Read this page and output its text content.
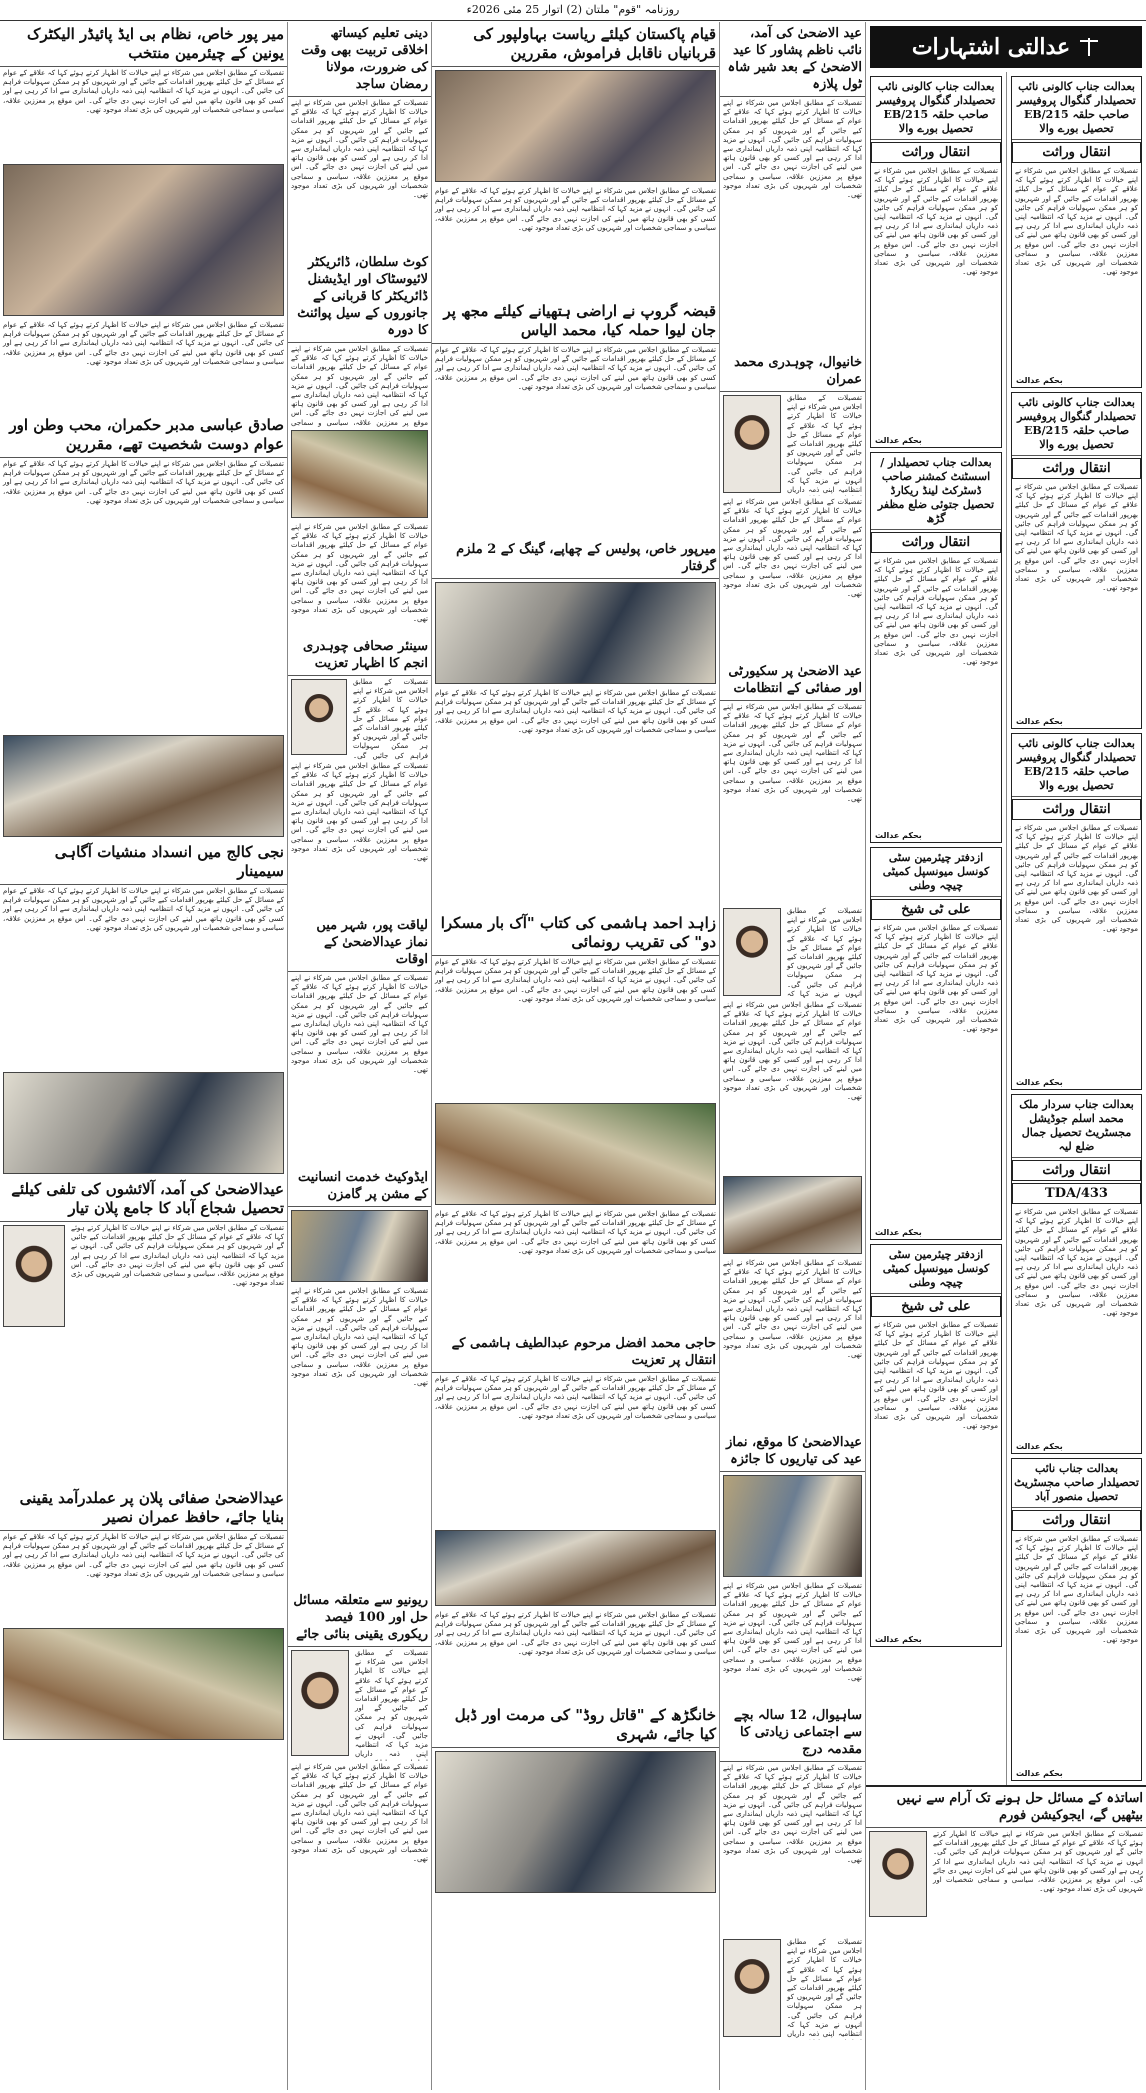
روزنامہ "قوم" ملتان (2) اتوار 25 مئی 2026ء
عدالتی اشتہارات
بعدالت جناب کالونی نائب تحصیلدار گنگوال پروفیسر صاحب حلقہ 215/EB تحصیل بورے والا
انتقال وراثت
تفصیلات کے مطابق اجلاس میں شرکاء نے اپنے خیالات کا اظہار کرتے ہوئے کہا کہ علاقے کے عوام کے مسائل کے حل کیلئے بھرپور اقدامات کیے جائیں گے اور شہریوں کو ہر ممکن سہولیات فراہم کی جائیں گی۔ انہوں نے مزید کہا کہ انتظامیہ اپنی ذمہ داریاں ایمانداری سے ادا کر رہی ہے اور کسی کو بھی قانون ہاتھ میں لینے کی اجازت نہیں دی جائے گی۔ اس موقع پر معززین علاقہ، سیاسی و سماجی شخصیات اور شہریوں کی بڑی تعداد موجود تھی۔
بحکم عدالت
بعدالت جناب کالونی نائب تحصیلدار گنگوال پروفیسر صاحب حلقہ 215/EB تحصیل بورے والا
انتقال وراثت
تفصیلات کے مطابق اجلاس میں شرکاء نے اپنے خیالات کا اظہار کرتے ہوئے کہا کہ علاقے کے عوام کے مسائل کے حل کیلئے بھرپور اقدامات کیے جائیں گے اور شہریوں کو ہر ممکن سہولیات فراہم کی جائیں گی۔ انہوں نے مزید کہا کہ انتظامیہ اپنی ذمہ داریاں ایمانداری سے ادا کر رہی ہے اور کسی کو بھی قانون ہاتھ میں لینے کی اجازت نہیں دی جائے گی۔ اس موقع پر معززین علاقہ، سیاسی و سماجی شخصیات اور شہریوں کی بڑی تعداد موجود تھی۔
بحکم عدالت
بعدالت جناب کالونی نائب تحصیلدار گنگوال پروفیسر صاحب حلقہ 215/EB تحصیل بورے والا
انتقال وراثت
تفصیلات کے مطابق اجلاس میں شرکاء نے اپنے خیالات کا اظہار کرتے ہوئے کہا کہ علاقے کے عوام کے مسائل کے حل کیلئے بھرپور اقدامات کیے جائیں گے اور شہریوں کو ہر ممکن سہولیات فراہم کی جائیں گی۔ انہوں نے مزید کہا کہ انتظامیہ اپنی ذمہ داریاں ایمانداری سے ادا کر رہی ہے اور کسی کو بھی قانون ہاتھ میں لینے کی اجازت نہیں دی جائے گی۔ اس موقع پر معززین علاقہ، سیاسی و سماجی شخصیات اور شہریوں کی بڑی تعداد موجود تھی۔
بحکم عدالت
بعدالت جناب سردار ملک محمد اسلم جوڈیشل مجسٹریٹ تحصیل جمال ضلع لیہ
انتقال وراثت
TDA/433
تفصیلات کے مطابق اجلاس میں شرکاء نے اپنے خیالات کا اظہار کرتے ہوئے کہا کہ علاقے کے عوام کے مسائل کے حل کیلئے بھرپور اقدامات کیے جائیں گے اور شہریوں کو ہر ممکن سہولیات فراہم کی جائیں گی۔ انہوں نے مزید کہا کہ انتظامیہ اپنی ذمہ داریاں ایمانداری سے ادا کر رہی ہے اور کسی کو بھی قانون ہاتھ میں لینے کی اجازت نہیں دی جائے گی۔ اس موقع پر معززین علاقہ، سیاسی و سماجی شخصیات اور شہریوں کی بڑی تعداد موجود تھی۔
بحکم عدالت
بعدالت جناب نائب تحصیلدار صاحب مجسٹریٹ تحصیل منصور آباد
انتقال وراثت
تفصیلات کے مطابق اجلاس میں شرکاء نے اپنے خیالات کا اظہار کرتے ہوئے کہا کہ علاقے کے عوام کے مسائل کے حل کیلئے بھرپور اقدامات کیے جائیں گے اور شہریوں کو ہر ممکن سہولیات فراہم کی جائیں گی۔ انہوں نے مزید کہا کہ انتظامیہ اپنی ذمہ داریاں ایمانداری سے ادا کر رہی ہے اور کسی کو بھی قانون ہاتھ میں لینے کی اجازت نہیں دی جائے گی۔ اس موقع پر معززین علاقہ، سیاسی و سماجی شخصیات اور شہریوں کی بڑی تعداد موجود تھی۔
بحکم عدالت
بعدالت جناب کالونی نائب تحصیلدار گنگوال پروفیسر صاحب حلقہ 215/EB تحصیل بورے والا
انتقال وراثت
تفصیلات کے مطابق اجلاس میں شرکاء نے اپنے خیالات کا اظہار کرتے ہوئے کہا کہ علاقے کے عوام کے مسائل کے حل کیلئے بھرپور اقدامات کیے جائیں گے اور شہریوں کو ہر ممکن سہولیات فراہم کی جائیں گی۔ انہوں نے مزید کہا کہ انتظامیہ اپنی ذمہ داریاں ایمانداری سے ادا کر رہی ہے اور کسی کو بھی قانون ہاتھ میں لینے کی اجازت نہیں دی جائے گی۔ اس موقع پر معززین علاقہ، سیاسی و سماجی شخصیات اور شہریوں کی بڑی تعداد موجود تھی۔
بحکم عدالت
بعدالت جناب تحصیلدار / اسسٹنٹ کمشنر صاحب ڈسٹرکٹ لینڈ ریکارڈ تحصیل جتوئی ضلع مظفر گڑھ
انتقال وراثت
تفصیلات کے مطابق اجلاس میں شرکاء نے اپنے خیالات کا اظہار کرتے ہوئے کہا کہ علاقے کے عوام کے مسائل کے حل کیلئے بھرپور اقدامات کیے جائیں گے اور شہریوں کو ہر ممکن سہولیات فراہم کی جائیں گی۔ انہوں نے مزید کہا کہ انتظامیہ اپنی ذمہ داریاں ایمانداری سے ادا کر رہی ہے اور کسی کو بھی قانون ہاتھ میں لینے کی اجازت نہیں دی جائے گی۔ اس موقع پر معززین علاقہ، سیاسی و سماجی شخصیات اور شہریوں کی بڑی تعداد موجود تھی۔
بحکم عدالت
ازدفتر چیئرمین سٹی کونسل میونسپل کمیٹی چیچہ وطنی
علی ٹی شیخ
تفصیلات کے مطابق اجلاس میں شرکاء نے اپنے خیالات کا اظہار کرتے ہوئے کہا کہ علاقے کے عوام کے مسائل کے حل کیلئے بھرپور اقدامات کیے جائیں گے اور شہریوں کو ہر ممکن سہولیات فراہم کی جائیں گی۔ انہوں نے مزید کہا کہ انتظامیہ اپنی ذمہ داریاں ایمانداری سے ادا کر رہی ہے اور کسی کو بھی قانون ہاتھ میں لینے کی اجازت نہیں دی جائے گی۔ اس موقع پر معززین علاقہ، سیاسی و سماجی شخصیات اور شہریوں کی بڑی تعداد موجود تھی۔
بحکم عدالت
ازدفتر چیئرمین سٹی کونسل میونسپل کمیٹی چیچہ وطنی
علی ٹی شیخ
تفصیلات کے مطابق اجلاس میں شرکاء نے اپنے خیالات کا اظہار کرتے ہوئے کہا کہ علاقے کے عوام کے مسائل کے حل کیلئے بھرپور اقدامات کیے جائیں گے اور شہریوں کو ہر ممکن سہولیات فراہم کی جائیں گی۔ انہوں نے مزید کہا کہ انتظامیہ اپنی ذمہ داریاں ایمانداری سے ادا کر رہی ہے اور کسی کو بھی قانون ہاتھ میں لینے کی اجازت نہیں دی جائے گی۔ اس موقع پر معززین علاقہ، سیاسی و سماجی شخصیات اور شہریوں کی بڑی تعداد موجود تھی۔
بحکم عدالت
اساتذہ کے مسائل حل ہونے تک آرام سے نہیں بیٹھیں گے، ایجوکیشن فورم
تفصیلات کے مطابق اجلاس میں شرکاء نے اپنے خیالات کا اظہار کرتے ہوئے کہا کہ علاقے کے عوام کے مسائل کے حل کیلئے بھرپور اقدامات کیے جائیں گے اور شہریوں کو ہر ممکن سہولیات فراہم کی جائیں گی۔ انہوں نے مزید کہا کہ انتظامیہ اپنی ذمہ داریاں ایمانداری سے ادا کر رہی ہے اور کسی کو بھی قانون ہاتھ میں لینے کی اجازت نہیں دی جائے گی۔ اس موقع پر معززین علاقہ، سیاسی و سماجی شخصیات اور شہریوں کی بڑی تعداد موجود تھی۔
عید الاضحیٰ کی آمد، نائب ناظم پشاور کا عید الاضحیٰ کے بعد شیر شاہ ٹول پلازہ
تفصیلات کے مطابق اجلاس میں شرکاء نے اپنے خیالات کا اظہار کرتے ہوئے کہا کہ علاقے کے عوام کے مسائل کے حل کیلئے بھرپور اقدامات کیے جائیں گے اور شہریوں کو ہر ممکن سہولیات فراہم کی جائیں گی۔ انہوں نے مزید کہا کہ انتظامیہ اپنی ذمہ داریاں ایمانداری سے ادا کر رہی ہے اور کسی کو بھی قانون ہاتھ میں لینے کی اجازت نہیں دی جائے گی۔ اس موقع پر معززین علاقہ، سیاسی و سماجی شخصیات اور شہریوں کی بڑی تعداد موجود تھی۔
خانیوال، چوہدری محمد عمران
تفصیلات کے مطابق اجلاس میں شرکاء نے اپنے خیالات کا اظہار کرتے ہوئے کہا کہ علاقے کے عوام کے مسائل کے حل کیلئے بھرپور اقدامات کیے جائیں گے اور شہریوں کو ہر ممکن سہولیات فراہم کی جائیں گی۔ انہوں نے مزید کہا کہ انتظامیہ اپنی ذمہ داریاں
تفصیلات کے مطابق اجلاس میں شرکاء نے اپنے خیالات کا اظہار کرتے ہوئے کہا کہ علاقے کے عوام کے مسائل کے حل کیلئے بھرپور اقدامات کیے جائیں گے اور شہریوں کو ہر ممکن سہولیات فراہم کی جائیں گی۔ انہوں نے مزید کہا کہ انتظامیہ اپنی ذمہ داریاں ایمانداری سے ادا کر رہی ہے اور کسی کو بھی قانون ہاتھ میں لینے کی اجازت نہیں دی جائے گی۔ اس موقع پر معززین علاقہ، سیاسی و سماجی شخصیات اور شہریوں کی بڑی تعداد موجود تھی۔
عید الاضحیٰ پر سکیورٹی اور صفائی کے انتظامات
تفصیلات کے مطابق اجلاس میں شرکاء نے اپنے خیالات کا اظہار کرتے ہوئے کہا کہ علاقے کے عوام کے مسائل کے حل کیلئے بھرپور اقدامات کیے جائیں گے اور شہریوں کو ہر ممکن سہولیات فراہم کی جائیں گی۔ انہوں نے مزید کہا کہ انتظامیہ اپنی ذمہ داریاں ایمانداری سے ادا کر رہی ہے اور کسی کو بھی قانون ہاتھ میں لینے کی اجازت نہیں دی جائے گی۔ اس موقع پر معززین علاقہ، سیاسی و سماجی شخصیات اور شہریوں کی بڑی تعداد موجود تھی۔
تفصیلات کے مطابق اجلاس میں شرکاء نے اپنے خیالات کا اظہار کرتے ہوئے کہا کہ علاقے کے عوام کے مسائل کے حل کیلئے بھرپور اقدامات کیے جائیں گے اور شہریوں کو ہر ممکن سہولیات فراہم کی جائیں گی۔ انہوں نے مزید کہا کہ
تفصیلات کے مطابق اجلاس میں شرکاء نے اپنے خیالات کا اظہار کرتے ہوئے کہا کہ علاقے کے عوام کے مسائل کے حل کیلئے بھرپور اقدامات کیے جائیں گے اور شہریوں کو ہر ممکن سہولیات فراہم کی جائیں گی۔ انہوں نے مزید کہا کہ انتظامیہ اپنی ذمہ داریاں ایمانداری سے ادا کر رہی ہے اور کسی کو بھی قانون ہاتھ میں لینے کی اجازت نہیں دی جائے گی۔ اس موقع پر معززین علاقہ، سیاسی و سماجی شخصیات اور شہریوں کی بڑی تعداد موجود تھی۔
تفصیلات کے مطابق اجلاس میں شرکاء نے اپنے خیالات کا اظہار کرتے ہوئے کہا کہ علاقے کے عوام کے مسائل کے حل کیلئے بھرپور اقدامات کیے جائیں گے اور شہریوں کو ہر ممکن سہولیات فراہم کی جائیں گی۔ انہوں نے مزید کہا کہ انتظامیہ اپنی ذمہ داریاں ایمانداری سے ادا کر رہی ہے اور کسی کو بھی قانون ہاتھ میں لینے کی اجازت نہیں دی جائے گی۔ اس موقع پر معززین علاقہ، سیاسی و سماجی شخصیات اور شہریوں کی بڑی تعداد موجود تھی۔
عیدالاضحیٰ کا موقع، نماز عید کی تیاریوں کا جائزہ
تفصیلات کے مطابق اجلاس میں شرکاء نے اپنے خیالات کا اظہار کرتے ہوئے کہا کہ علاقے کے عوام کے مسائل کے حل کیلئے بھرپور اقدامات کیے جائیں گے اور شہریوں کو ہر ممکن سہولیات فراہم کی جائیں گی۔ انہوں نے مزید کہا کہ انتظامیہ اپنی ذمہ داریاں ایمانداری سے ادا کر رہی ہے اور کسی کو بھی قانون ہاتھ میں لینے کی اجازت نہیں دی جائے گی۔ اس موقع پر معززین علاقہ، سیاسی و سماجی شخصیات اور شہریوں کی بڑی تعداد موجود تھی۔
ساہیوال، 12 سالہ بچے سے اجتماعی زیادتی کا مقدمہ درج
تفصیلات کے مطابق اجلاس میں شرکاء نے اپنے خیالات کا اظہار کرتے ہوئے کہا کہ علاقے کے عوام کے مسائل کے حل کیلئے بھرپور اقدامات کیے جائیں گے اور شہریوں کو ہر ممکن سہولیات فراہم کی جائیں گی۔ انہوں نے مزید کہا کہ انتظامیہ اپنی ذمہ داریاں ایمانداری سے ادا کر رہی ہے اور کسی کو بھی قانون ہاتھ میں لینے کی اجازت نہیں دی جائے گی۔ اس موقع پر معززین علاقہ، سیاسی و سماجی شخصیات اور شہریوں کی بڑی تعداد موجود تھی۔
تفصیلات کے مطابق اجلاس میں شرکاء نے اپنے خیالات کا اظہار کرتے ہوئے کہا کہ علاقے کے عوام کے مسائل کے حل کیلئے بھرپور اقدامات کیے جائیں گے اور شہریوں کو ہر ممکن سہولیات فراہم کی جائیں گی۔ انہوں نے مزید کہا کہ انتظامیہ اپنی ذمہ داریاں
قیام پاکستان کیلئے ریاست بہاولپور کی قربانیاں ناقابل فراموش، مقررین
تفصیلات کے مطابق اجلاس میں شرکاء نے اپنے خیالات کا اظہار کرتے ہوئے کہا کہ علاقے کے عوام کے مسائل کے حل کیلئے بھرپور اقدامات کیے جائیں گے اور شہریوں کو ہر ممکن سہولیات فراہم کی جائیں گی۔ انہوں نے مزید کہا کہ انتظامیہ اپنی ذمہ داریاں ایمانداری سے ادا کر رہی ہے اور کسی کو بھی قانون ہاتھ میں لینے کی اجازت نہیں دی جائے گی۔ اس موقع پر معززین علاقہ، سیاسی و سماجی شخصیات اور شہریوں کی بڑی تعداد موجود تھی۔
قبضہ گروپ نے اراضی ہتھیانے کیلئے مجھ پر جان لیوا حملہ کیا، محمد الیاس
تفصیلات کے مطابق اجلاس میں شرکاء نے اپنے خیالات کا اظہار کرتے ہوئے کہا کہ علاقے کے عوام کے مسائل کے حل کیلئے بھرپور اقدامات کیے جائیں گے اور شہریوں کو ہر ممکن سہولیات فراہم کی جائیں گی۔ انہوں نے مزید کہا کہ انتظامیہ اپنی ذمہ داریاں ایمانداری سے ادا کر رہی ہے اور کسی کو بھی قانون ہاتھ میں لینے کی اجازت نہیں دی جائے گی۔ اس موقع پر معززین علاقہ، سیاسی و سماجی شخصیات اور شہریوں کی بڑی تعداد موجود تھی۔
میرپور خاص، پولیس کے چھاپے، گینگ کے 2 ملزم گرفتار
تفصیلات کے مطابق اجلاس میں شرکاء نے اپنے خیالات کا اظہار کرتے ہوئے کہا کہ علاقے کے عوام کے مسائل کے حل کیلئے بھرپور اقدامات کیے جائیں گے اور شہریوں کو ہر ممکن سہولیات فراہم کی جائیں گی۔ انہوں نے مزید کہا کہ انتظامیہ اپنی ذمہ داریاں ایمانداری سے ادا کر رہی ہے اور کسی کو بھی قانون ہاتھ میں لینے کی اجازت نہیں دی جائے گی۔ اس موقع پر معززین علاقہ، سیاسی و سماجی شخصیات اور شہریوں کی بڑی تعداد موجود تھی۔
زاہد احمد ہاشمی کی کتاب "آک بار مسکرا دو" کی تقریب رونمائی
تفصیلات کے مطابق اجلاس میں شرکاء نے اپنے خیالات کا اظہار کرتے ہوئے کہا کہ علاقے کے عوام کے مسائل کے حل کیلئے بھرپور اقدامات کیے جائیں گے اور شہریوں کو ہر ممکن سہولیات فراہم کی جائیں گی۔ انہوں نے مزید کہا کہ انتظامیہ اپنی ذمہ داریاں ایمانداری سے ادا کر رہی ہے اور کسی کو بھی قانون ہاتھ میں لینے کی اجازت نہیں دی جائے گی۔ اس موقع پر معززین علاقہ، سیاسی و سماجی شخصیات اور شہریوں کی بڑی تعداد موجود تھی۔
تفصیلات کے مطابق اجلاس میں شرکاء نے اپنے خیالات کا اظہار کرتے ہوئے کہا کہ علاقے کے عوام کے مسائل کے حل کیلئے بھرپور اقدامات کیے جائیں گے اور شہریوں کو ہر ممکن سہولیات فراہم کی جائیں گی۔ انہوں نے مزید کہا کہ انتظامیہ اپنی ذمہ داریاں ایمانداری سے ادا کر رہی ہے اور کسی کو بھی قانون ہاتھ میں لینے کی اجازت نہیں دی جائے گی۔ اس موقع پر معززین علاقہ، سیاسی و سماجی شخصیات اور شہریوں کی بڑی تعداد موجود تھی۔
حاجی محمد افضل مرحوم عبدالطیف ہاشمی کے انتقال پر تعزیت
تفصیلات کے مطابق اجلاس میں شرکاء نے اپنے خیالات کا اظہار کرتے ہوئے کہا کہ علاقے کے عوام کے مسائل کے حل کیلئے بھرپور اقدامات کیے جائیں گے اور شہریوں کو ہر ممکن سہولیات فراہم کی جائیں گی۔ انہوں نے مزید کہا کہ انتظامیہ اپنی ذمہ داریاں ایمانداری سے ادا کر رہی ہے اور کسی کو بھی قانون ہاتھ میں لینے کی اجازت نہیں دی جائے گی۔ اس موقع پر معززین علاقہ، سیاسی و سماجی شخصیات اور شہریوں کی بڑی تعداد موجود تھی۔
تفصیلات کے مطابق اجلاس میں شرکاء نے اپنے خیالات کا اظہار کرتے ہوئے کہا کہ علاقے کے عوام کے مسائل کے حل کیلئے بھرپور اقدامات کیے جائیں گے اور شہریوں کو ہر ممکن سہولیات فراہم کی جائیں گی۔ انہوں نے مزید کہا کہ انتظامیہ اپنی ذمہ داریاں ایمانداری سے ادا کر رہی ہے اور کسی کو بھی قانون ہاتھ میں لینے کی اجازت نہیں دی جائے گی۔ اس موقع پر معززین علاقہ، سیاسی و سماجی شخصیات اور شہریوں کی بڑی تعداد موجود تھی۔
خانگڑھ کے "قاتل روڈ" کی مرمت اور ڈبل کیا جائے، شہری
دینی تعلیم کیساتھ اخلاقی تربیت بھی وقت کی ضرورت، مولانا رمضان ساجد
تفصیلات کے مطابق اجلاس میں شرکاء نے اپنے خیالات کا اظہار کرتے ہوئے کہا کہ علاقے کے عوام کے مسائل کے حل کیلئے بھرپور اقدامات کیے جائیں گے اور شہریوں کو ہر ممکن سہولیات فراہم کی جائیں گی۔ انہوں نے مزید کہا کہ انتظامیہ اپنی ذمہ داریاں ایمانداری سے ادا کر رہی ہے اور کسی کو بھی قانون ہاتھ میں لینے کی اجازت نہیں دی جائے گی۔ اس موقع پر معززین علاقہ، سیاسی و سماجی شخصیات اور شہریوں کی بڑی تعداد موجود تھی۔
کوٹ سلطان، ڈائریکٹر لائیوسٹاک اور ایڈیشنل ڈائریکٹر کا قربانی کے جانوروں کے سیل پوائنٹ کا دورہ
تفصیلات کے مطابق اجلاس میں شرکاء نے اپنے خیالات کا اظہار کرتے ہوئے کہا کہ علاقے کے عوام کے مسائل کے حل کیلئے بھرپور اقدامات کیے جائیں گے اور شہریوں کو ہر ممکن سہولیات فراہم کی جائیں گی۔ انہوں نے مزید کہا کہ انتظامیہ اپنی ذمہ داریاں ایمانداری سے ادا کر رہی ہے اور کسی کو بھی قانون ہاتھ میں لینے کی اجازت نہیں دی جائے گی۔ اس موقع پر معززین علاقہ، سیاسی و سماجی
تفصیلات کے مطابق اجلاس میں شرکاء نے اپنے خیالات کا اظہار کرتے ہوئے کہا کہ علاقے کے عوام کے مسائل کے حل کیلئے بھرپور اقدامات کیے جائیں گے اور شہریوں کو ہر ممکن سہولیات فراہم کی جائیں گی۔ انہوں نے مزید کہا کہ انتظامیہ اپنی ذمہ داریاں ایمانداری سے ادا کر رہی ہے اور کسی کو بھی قانون ہاتھ میں لینے کی اجازت نہیں دی جائے گی۔ اس موقع پر معززین علاقہ، سیاسی و سماجی شخصیات اور شہریوں کی بڑی تعداد موجود تھی۔
سینئر صحافی چوہدری انجم کا اظہار تعزیت
تفصیلات کے مطابق اجلاس میں شرکاء نے اپنے خیالات کا اظہار کرتے ہوئے کہا کہ علاقے کے عوام کے مسائل کے حل کیلئے بھرپور اقدامات کیے جائیں گے اور شہریوں کو ہر ممکن سہولیات فراہم کی جائیں گی۔
تفصیلات کے مطابق اجلاس میں شرکاء نے اپنے خیالات کا اظہار کرتے ہوئے کہا کہ علاقے کے عوام کے مسائل کے حل کیلئے بھرپور اقدامات کیے جائیں گے اور شہریوں کو ہر ممکن سہولیات فراہم کی جائیں گی۔ انہوں نے مزید کہا کہ انتظامیہ اپنی ذمہ داریاں ایمانداری سے ادا کر رہی ہے اور کسی کو بھی قانون ہاتھ میں لینے کی اجازت نہیں دی جائے گی۔ اس موقع پر معززین علاقہ، سیاسی و سماجی شخصیات اور شہریوں کی بڑی تعداد موجود تھی۔
لیاقت پور، شہر میں نماز عیدالاضحیٰ کے اوقات
تفصیلات کے مطابق اجلاس میں شرکاء نے اپنے خیالات کا اظہار کرتے ہوئے کہا کہ علاقے کے عوام کے مسائل کے حل کیلئے بھرپور اقدامات کیے جائیں گے اور شہریوں کو ہر ممکن سہولیات فراہم کی جائیں گی۔ انہوں نے مزید کہا کہ انتظامیہ اپنی ذمہ داریاں ایمانداری سے ادا کر رہی ہے اور کسی کو بھی قانون ہاتھ میں لینے کی اجازت نہیں دی جائے گی۔ اس موقع پر معززین علاقہ، سیاسی و سماجی شخصیات اور شہریوں کی بڑی تعداد موجود تھی۔
ایڈوکیٹ خدمت انسانیت کے مشن پر گامزن
تفصیلات کے مطابق اجلاس میں شرکاء نے اپنے خیالات کا اظہار کرتے ہوئے کہا کہ علاقے کے عوام کے مسائل کے حل کیلئے بھرپور اقدامات کیے جائیں گے اور شہریوں کو ہر ممکن سہولیات فراہم کی جائیں گی۔ انہوں نے مزید کہا کہ انتظامیہ اپنی ذمہ داریاں ایمانداری سے ادا کر رہی ہے اور کسی کو بھی قانون ہاتھ میں لینے کی اجازت نہیں دی جائے گی۔ اس موقع پر معززین علاقہ، سیاسی و سماجی شخصیات اور شہریوں کی بڑی تعداد موجود تھی۔
ریونیو سے متعلقہ مسائل حل اور 100 فیصد ریکوری یقینی بنائی جائے
تفصیلات کے مطابق اجلاس میں شرکاء نے اپنے خیالات کا اظہار کرتے ہوئے کہا کہ علاقے کے عوام کے مسائل کے حل کیلئے بھرپور اقدامات کیے جائیں گے اور شہریوں کو ہر ممکن سہولیات فراہم کی جائیں گی۔ انہوں نے مزید کہا کہ انتظامیہ اپنی ذمہ داریاں
تفصیلات کے مطابق اجلاس میں شرکاء نے اپنے خیالات کا اظہار کرتے ہوئے کہا کہ علاقے کے عوام کے مسائل کے حل کیلئے بھرپور اقدامات کیے جائیں گے اور شہریوں کو ہر ممکن سہولیات فراہم کی جائیں گی۔ انہوں نے مزید کہا کہ انتظامیہ اپنی ذمہ داریاں ایمانداری سے ادا کر رہی ہے اور کسی کو بھی قانون ہاتھ میں لینے کی اجازت نہیں دی جائے گی۔ اس موقع پر معززین علاقہ، سیاسی و سماجی شخصیات اور شہریوں کی بڑی تعداد موجود تھی۔
میر پور خاص، نظام بی ایڈ پائیڈر الیکٹرک یونین کے چیئرمین منتخب
تفصیلات کے مطابق اجلاس میں شرکاء نے اپنے خیالات کا اظہار کرتے ہوئے کہا کہ علاقے کے عوام کے مسائل کے حل کیلئے بھرپور اقدامات کیے جائیں گے اور شہریوں کو ہر ممکن سہولیات فراہم کی جائیں گی۔ انہوں نے مزید کہا کہ انتظامیہ اپنی ذمہ داریاں ایمانداری سے ادا کر رہی ہے اور کسی کو بھی قانون ہاتھ میں لینے کی اجازت نہیں دی جائے گی۔ اس موقع پر معززین علاقہ، سیاسی و سماجی شخصیات اور شہریوں کی بڑی تعداد موجود تھی۔
تفصیلات کے مطابق اجلاس میں شرکاء نے اپنے خیالات کا اظہار کرتے ہوئے کہا کہ علاقے کے عوام کے مسائل کے حل کیلئے بھرپور اقدامات کیے جائیں گے اور شہریوں کو ہر ممکن سہولیات فراہم کی جائیں گی۔ انہوں نے مزید کہا کہ انتظامیہ اپنی ذمہ داریاں ایمانداری سے ادا کر رہی ہے اور کسی کو بھی قانون ہاتھ میں لینے کی اجازت نہیں دی جائے گی۔ اس موقع پر معززین علاقہ، سیاسی و سماجی شخصیات اور شہریوں کی بڑی تعداد موجود تھی۔
صادق عباسی مدبر حکمران، محب وطن اور عوام دوست شخصیت تھے، مقررین
تفصیلات کے مطابق اجلاس میں شرکاء نے اپنے خیالات کا اظہار کرتے ہوئے کہا کہ علاقے کے عوام کے مسائل کے حل کیلئے بھرپور اقدامات کیے جائیں گے اور شہریوں کو ہر ممکن سہولیات فراہم کی جائیں گی۔ انہوں نے مزید کہا کہ انتظامیہ اپنی ذمہ داریاں ایمانداری سے ادا کر رہی ہے اور کسی کو بھی قانون ہاتھ میں لینے کی اجازت نہیں دی جائے گی۔ اس موقع پر معززین علاقہ، سیاسی و سماجی شخصیات اور شہریوں کی بڑی تعداد موجود تھی۔
نجی کالج میں انسداد منشیات آگاہی سیمینار
تفصیلات کے مطابق اجلاس میں شرکاء نے اپنے خیالات کا اظہار کرتے ہوئے کہا کہ علاقے کے عوام کے مسائل کے حل کیلئے بھرپور اقدامات کیے جائیں گے اور شہریوں کو ہر ممکن سہولیات فراہم کی جائیں گی۔ انہوں نے مزید کہا کہ انتظامیہ اپنی ذمہ داریاں ایمانداری سے ادا کر رہی ہے اور کسی کو بھی قانون ہاتھ میں لینے کی اجازت نہیں دی جائے گی۔ اس موقع پر معززین علاقہ، سیاسی و سماجی شخصیات اور شہریوں کی بڑی تعداد موجود تھی۔
عیدالاضحیٰ کی آمد، آلائشوں کی تلفی کیلئے تحصیل شجاع آباد کا جامع پلان تیار
تفصیلات کے مطابق اجلاس میں شرکاء نے اپنے خیالات کا اظہار کرتے ہوئے کہا کہ علاقے کے عوام کے مسائل کے حل کیلئے بھرپور اقدامات کیے جائیں گے اور شہریوں کو ہر ممکن سہولیات فراہم کی جائیں گی۔ انہوں نے مزید کہا کہ انتظامیہ اپنی ذمہ داریاں ایمانداری سے ادا کر رہی ہے اور کسی کو بھی قانون ہاتھ میں لینے کی اجازت نہیں دی جائے گی۔ اس موقع پر معززین علاقہ، سیاسی و سماجی شخصیات اور شہریوں کی بڑی تعداد موجود تھی۔
عیدالاضحیٰ صفائی پلان پر عملدرآمد یقینی بنایا جائے، حافظ عمران نصیر
تفصیلات کے مطابق اجلاس میں شرکاء نے اپنے خیالات کا اظہار کرتے ہوئے کہا کہ علاقے کے عوام کے مسائل کے حل کیلئے بھرپور اقدامات کیے جائیں گے اور شہریوں کو ہر ممکن سہولیات فراہم کی جائیں گی۔ انہوں نے مزید کہا کہ انتظامیہ اپنی ذمہ داریاں ایمانداری سے ادا کر رہی ہے اور کسی کو بھی قانون ہاتھ میں لینے کی اجازت نہیں دی جائے گی۔ اس موقع پر معززین علاقہ، سیاسی و سماجی شخصیات اور شہریوں کی بڑی تعداد موجود تھی۔
